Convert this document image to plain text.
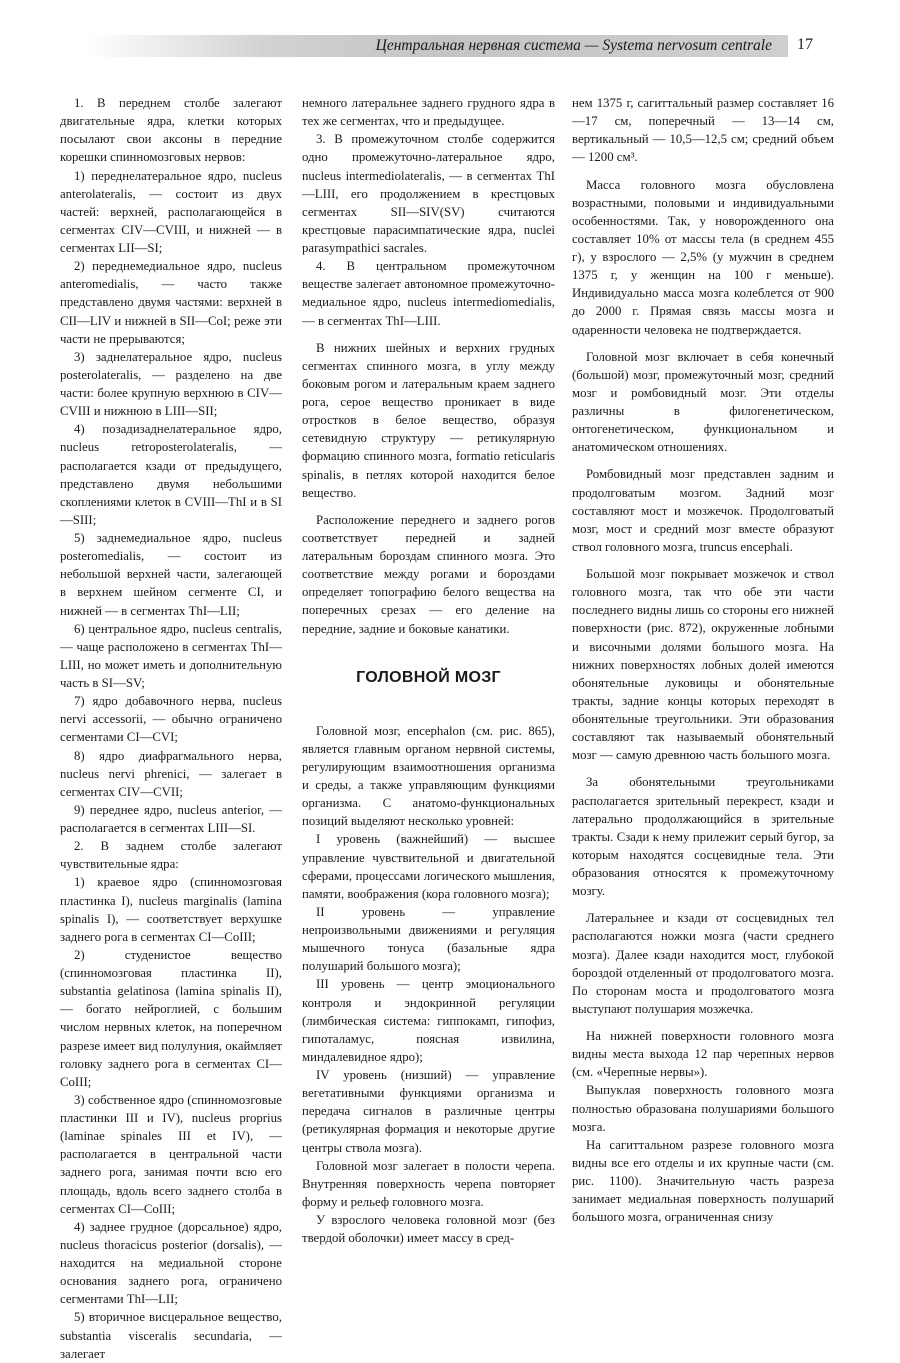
Центральная нервная система — Systema nervosum centrale 17

1. В переднем столбе залегают двигательные ядра, клетки которых посылают свои аксоны в передние корешки спинномозговых нервов:

1) переднелатеральное ядро, nucleus anterolateralis, — состоит из двух частей: верхней, располагающейся в сегментах CIV—CVIII, и нижней — в сегментах LII—SI;

2) переднемедиальное ядро, nucleus anteromedialis, — часто также представлено двумя частями: верхней в CII—LIV и нижней в SII—CoI; реже эти части не прерываются;

3) заднелатеральное ядро, nucleus posterolateralis, — разделено на две части: более крупную верхнюю в CIV—CVIII и нижнюю в LIII—SII;

4) позадизаднелатеральное ядро, nucleus retroposterolateralis, — располагается кзади от предыдущего, представлено двумя небольшими скоплениями клеток в CVIII—ThI и в SI—SIII;

5) заднемедиальное ядро, nucleus posteromedialis, — состоит из небольшой верхней части, залегающей в верхнем шейном сегменте CI, и нижней — в сегментах ThI—LII;

6) центральное ядро, nucleus centralis, — чаще расположено в сегментах ThI—LIII, но может иметь и дополнительную часть в SI—SV;

7) ядро добавочного нерва, nucleus nervi accessorii, — обычно ограничено сегментами CI—CVI;

8) ядро диафрагмального нерва, nucleus nervi phrenici, — залегает в сегментах CIV—CVII;

9) переднее ядро, nucleus anterior, — располагается в сегментах LIII—SI.

2. В заднем столбе залегают чувствительные ядра:

1) краевое ядро (спинномозговая пластинка I), nucleus marginalis (lamina spinalis I), — соответствует верхушке заднего рога в сегментах CI—CoIII;

2) студенистое вещество (спинномозговая пластинка II), substantia gelatinosa (lamina spinalis II), — богато нейроглией, с большим числом нервных клеток, на поперечном разрезе имеет вид полулуния, окаймляет головку заднего рога в сегментах CI—CoIII;

3) собственное ядро (спинномозговые пластинки III и IV), nucleus proprius (laminae spinales III et IV), — располагается в центральной части заднего рога, занимая почти всю его площадь, вдоль всего заднего столба в сегментах CI—CoIII;

4) заднее грудное (дорсальное) ядро, nucleus thoracicus posterior (dorsalis), — находится на медиальной стороне основания заднего рога, ограничено сегментами ThI—LII;

5) вторичное висцеральное вещество, substantia visceralis secundaria, — залегает

немного латеральнее заднего грудного ядра в тех же сегментах, что и предыдущее.

3. В промежуточном столбе содержится одно промежуточно-латеральное ядро, nucleus intermediolateralis, — в сегментах ThI—LIII, его продолжением в крестцовых сегментах SII—SIV(SV) считаются крестцовые парасимпатические ядра, nuclei parasympathici sacrales.

4. В центральном промежуточном веществе залегает автономное промежуточно-медиальное ядро, nucleus intermediomedialis, — в сегментах ThI—LIII.

В нижних шейных и верхних грудных сегментах спинного мозга, в углу между боковым рогом и латеральным краем заднего рога, серое вещество проникает в виде отростков в белое вещество, образуя сетевидную структуру — ретикулярную формацию спинного мозга, formatio reticularis spinalis, в петлях которой находится белое вещество.

Расположение переднего и заднего рогов соответствует передней и задней латеральным бороздам спинного мозга. Это соответствие между рогами и бороздами определяет топографию белого вещества на поперечных срезах — его деление на передние, задние и боковые канатики.

ГОЛОВНОЙ МОЗГ

Головной мозг, encephalon (см. рис. 865), является главным органом нервной системы, регулирующим взаимоотношения организма и среды, а также управляющим функциями организма. С анатомо-функциональных позиций выделяют несколько уровней:

I уровень (важнейший) — высшее управление чувствительной и двигательной сферами, процессами логического мышления, памяти, воображения (кора головного мозга);

II уровень — управление непроизвольными движениями и регуляция мышечного тонуса (базальные ядра полушарий большого мозга);

III уровень — центр эмоционального контроля и эндокринной регуляции (лимбическая система: гиппокамп, гипофиз, гипоталамус, поясная извилина, миндалевидное ядро);

IV уровень (низший) — управление вегетативными функциями организма и передача сигналов в различные центры (ретикулярная формация и некоторые другие центры ствола мозга).

Головной мозг залегает в полости черепа. Внутренняя поверхность черепа повторяет форму и рельеф головного мозга.

У взрослого человека головной мозг (без твердой оболочки) имеет массу в сред-

нем 1375 г, сагиттальный размер составляет 16—17 см, поперечный — 13—14 см, вертикальный — 10,5—12,5 см; средний объем — 1200 см³.

Масса головного мозга обусловлена возрастными, половыми и индивидуальными особенностями. Так, у новорожденного она составляет 10% от массы тела (в среднем 455 г), у взрослого — 2,5% (у мужчин в среднем 1375 г, у женщин на 100 г меньше). Индивидуально масса мозга колеблется от 900 до 2000 г. Прямая связь массы мозга и одаренности человека не подтверждается.

Головной мозг включает в себя конечный (большой) мозг, промежуточный мозг, средний мозг и ромбовидный мозг. Эти отделы различны в филогенетическом, онтогенетическом, функциональном и анатомическом отношениях.

Ромбовидный мозг представлен задним и продолговатым мозгом. Задний мозг составляют мост и мозжечок. Продолговатый мозг, мост и средний мозг вместе образуют ствол головного мозга, truncus encephali.

Большой мозг покрывает мозжечок и ствол головного мозга, так что обе эти части последнего видны лишь со стороны его нижней поверхности (рис. 872), окруженные лобными и височными долями большого мозга. На нижних поверхностях лобных долей имеются обонятельные луковицы и обонятельные тракты, задние концы которых переходят в обонятельные треугольники. Эти образования составляют так называемый обонятельный мозг — самую древнюю часть большого мозга.

За обонятельными треугольниками располагается зрительный перекрест, кзади и латерально продолжающийся в зрительные тракты. Сзади к нему прилежит серый бугор, за которым находятся сосцевидные тела. Эти образования относятся к промежуточному мозгу.

Латеральнее и кзади от сосцевидных тел располагаются ножки мозга (части среднего мозга). Далее кзади находится мост, глубокой бороздой отделенный от продолговатого мозга. По сторонам моста и продолговатого мозга выступают полушария мозжечка.

На нижней поверхности головного мозга видны места выхода 12 пар черепных нервов (см. «Черепные нервы»).

Выпуклая поверхность головного мозга полностью образована полушариями большого мозга.

На сагиттальном разрезе головного мозга видны все его отделы и их крупные части (см. рис. 1100). Значительную часть разреза занимает медиальная поверхность полушарий большого мозга, ограниченная снизу
